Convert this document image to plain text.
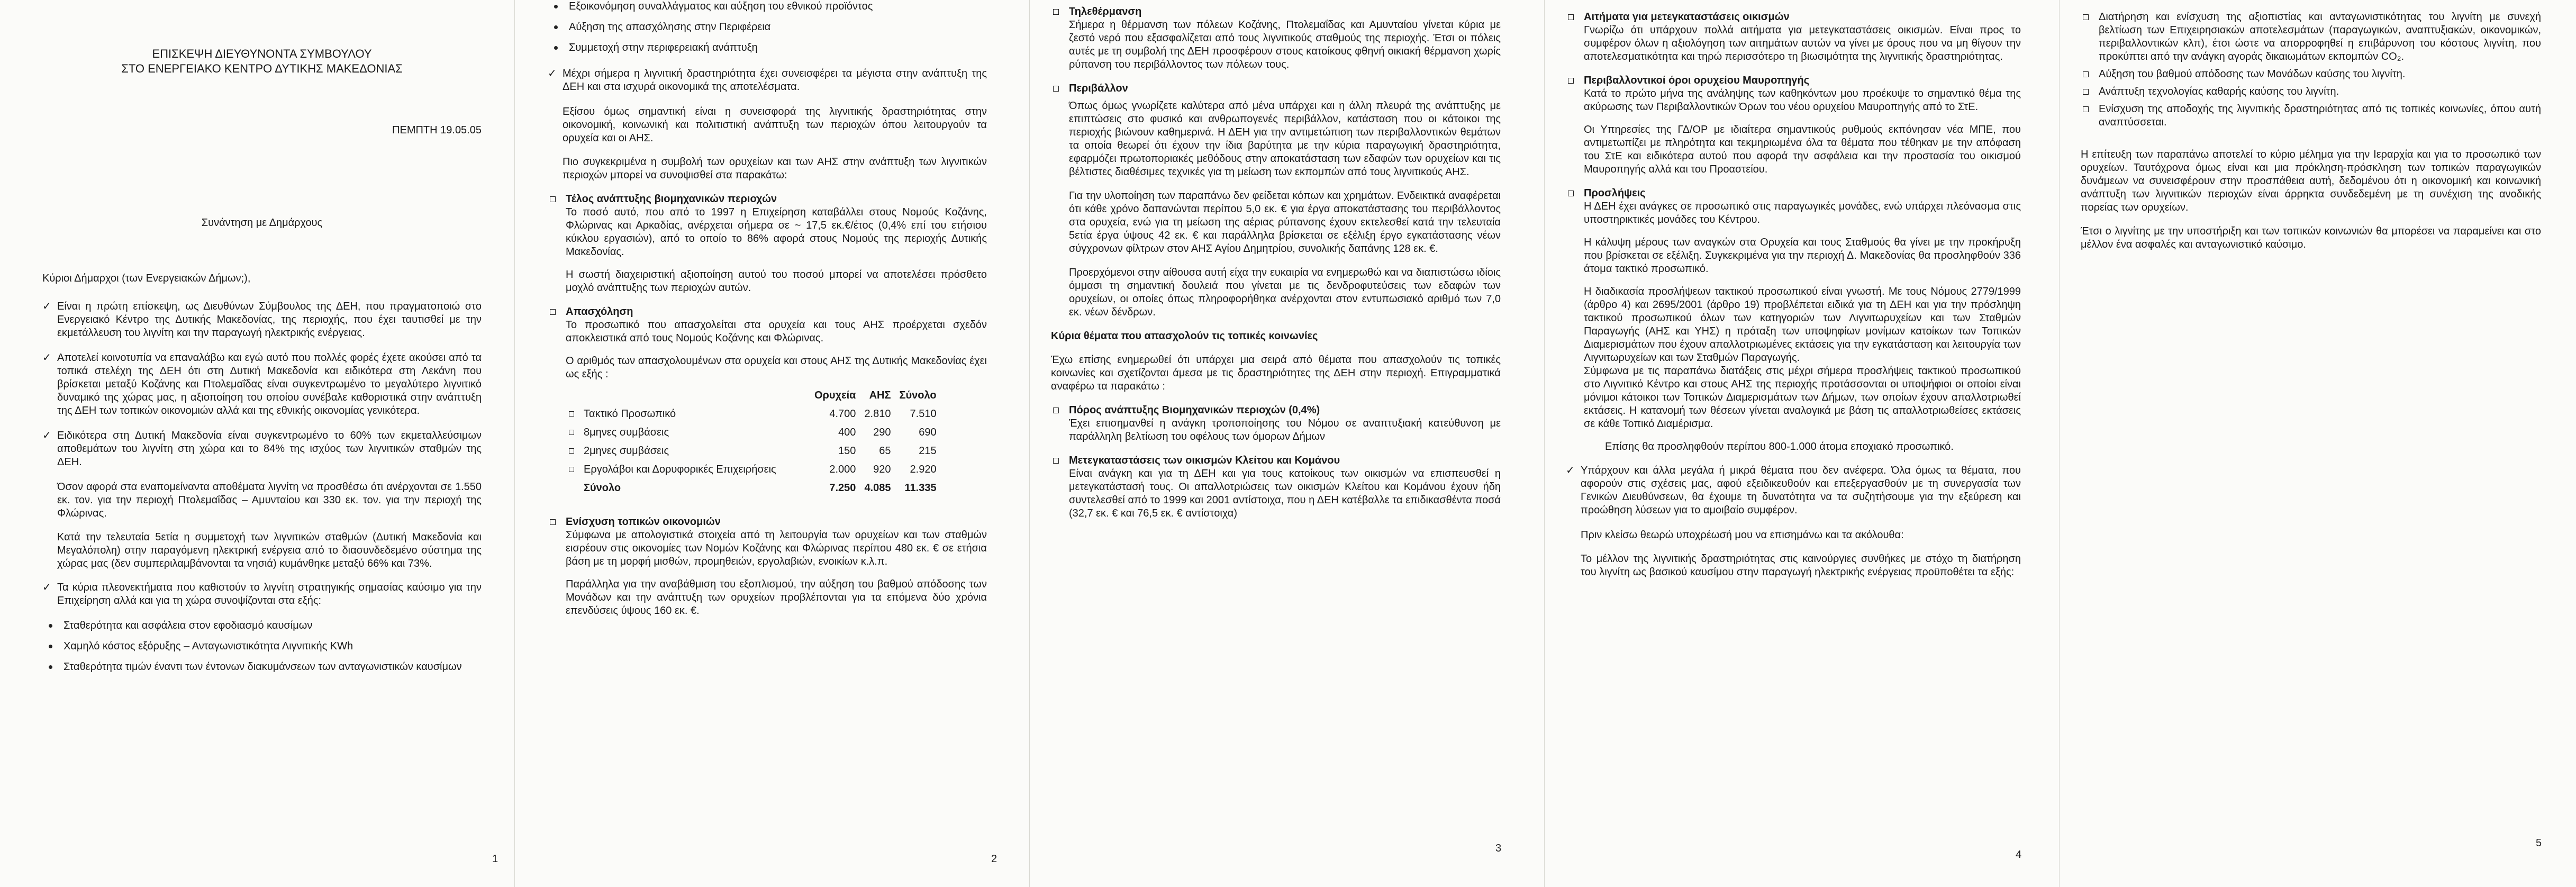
ΕΠΙΣΚΕΨΗ ΔΙΕΥΘΥΝΟΝΤΑ ΣΥΜΒΟΥΛΟΥ
ΣΤΟ ΕΝΕΡΓΕΙΑΚΟ ΚΕΝΤΡΟ ΔΥΤΙΚΗΣ ΜΑΚΕΔΟΝΙΑΣ
ΠΕΜΠΤΗ 19.05.05
Συνάντηση με Δημάρχους

Κύριοι Δήμαρχοι (των Ενεργειακών Δήμων;),

✓ Είναι η πρώτη επίσκεψη, ως Διευθύνων Σύμβουλος της ΔΕΗ, που πραγματοποιώ στο Ενεργειακό Κέντρο της Δυτικής Μακεδονίας, της περιοχής, που έχει ταυτισθεί με την εκμετάλλευση του λιγνίτη και την παραγωγή ηλεκτρικής ενέργειας.
✓ Αποτελεί κοινοτυπία να επαναλάβω και εγώ αυτό που πολλές φορές έχετε ακούσει από τα τοπικά στελέχη της ΔΕΗ ότι στη Δυτική Μακεδονία και ειδικότερα στη Λεκάνη που βρίσκεται μεταξύ Κοζάνης και Πτολεμαΐδας είναι συγκεντρωμένο το μεγαλύτερο λιγνιτικό δυναμικό της χώρας μας, η αξιοποίηση του οποίου συνέβαλε καθοριστικά στην ανάπτυξη της ΔΕΗ των τοπικών οικονομιών αλλά και της εθνικής οικονομίας γενικότερα.
✓ Ειδικότερα στη Δυτική Μακεδονία είναι συγκεντρωμένο το 60% των εκμεταλλεύσιμων αποθεμάτων του λιγνίτη στη χώρα και το 84% της ισχύος των λιγνιτικών σταθμών της ΔΕΗ.

Όσον αφορά στα εναπομείναντα αποθέματα λιγνίτη να προσθέσω ότι ανέρχονται σε 1.550 εκ. τον. για την περιοχή Πτολεμαΐδας – Αμυνταίου και 330 εκ. τον. για την περιοχή της Φλώρινας.

Κατά την τελευταία 5ετία η συμμετοχή των λιγνιτικών σταθμών (Δυτική Μακεδονία και Μεγαλόπολη) στην παραγόμενη ηλεκτρική ενέργεια από το διασυνδεδεμένο σύστημα της χώρας μας (δεν συμπεριλαμβάνονται τα νησιά) κυμάνθηκε μεταξύ 66% και 73%.

✓ Τα κύρια πλεονεκτήματα που καθιστούν το λιγνίτη στρατηγικής σημασίας καύσιμο για την Επιχείρηση αλλά και για τη χώρα συνοψίζονται στα εξής:
Σταθερότητα και ασφάλεια στον εφοδιασμό καυσίμων
Χαμηλό κόστος εξόρυξης – Ανταγωνιστικότητα Λιγνιτικής KWh
Σταθερότητα τιμών έναντι των έντονων διακυμάνσεων των ανταγωνιστικών καυσίμων
1
Εξοικονόμηση συναλλάγματος και αύξηση του εθνικού προϊόντος
Αύξηση της απασχόλησης στην Περιφέρεια
Συμμετοχή στην περιφερειακή ανάπτυξη
✓ Μέχρι σήμερα η λιγνιτική δραστηριότητα έχει συνεισφέρει τα μέγιστα στην ανάπτυξη της ΔΕΗ και στα ισχυρά οικονομικά της αποτελέσματα.

Εξίσου όμως σημαντική είναι η συνεισφορά της λιγνιτικής δραστηριότητας στην οικονομική, κοινωνική και πολιτιστική ανάπτυξη των περιοχών όπου λειτουργούν τα ορυχεία και οι ΑΗΣ.

Πιο συγκεκριμένα η συμβολή των ορυχείων και των ΑΗΣ στην ανάπτυξη των λιγνιτικών περιοχών μπορεί να συνοψισθεί στα παρακάτω:

Τέλος ανάπτυξης βιομηχανικών περιοχών
Το ποσό αυτό, που από το 1997 η Επιχείρηση καταβάλλει στους Νομούς Κοζάνης, Φλώρινας και Αρκαδίας, ανέρχεται σήμερα σε ~ 17,5 εκ.€/έτος (0,4% επί του ετήσιου κύκλου εργασιών), από το οποίο το 86% αφορά στους Νομούς της περιοχής Δυτικής Μακεδονίας.
Η σωστή διαχειριστική αξιοποίηση αυτού του ποσού μπορεί να αποτελέσει πρόσθετο μοχλό ανάπτυξης των περιοχών αυτών.
Απασχόληση
Το προσωπικό που απασχολείται στα ορυχεία και τους ΑΗΣ προέρχεται σχεδόν αποκλειστικά από τους Νομούς Κοζάνης και Φλώρινας.
Ο αριθμός των απασχολουμένων στα ορυχεία και στους ΑΗΣ της Δυτικής Μακεδονίας έχει ως εξής :
	Ορυχεία	ΑΗΣ	Σύνολο
Τακτικό Προσωπικό	4.700	2.810	7.510
8μηνες συμβάσεις	400	290	690
2μηνες συμβάσεις	150	65	215
Εργολάβοι και Δορυφορικές Επιχειρήσεις	2.000	920	2.920
Σύνολο	7.250	4.085	11.335
Ενίσχυση τοπικών οικονομιών
Σύμφωνα με απολογιστικά στοιχεία από τη λειτουργία των ορυχείων και των σταθμών εισρέουν στις οικονομίες των Νομών Κοζάνης και Φλώρινας περίπου 480 εκ. € σε ετήσια βάση με τη μορφή μισθών, προμηθειών, εργολαβιών, ενοικίων κ.λ.π.
Παράλληλα για την αναβάθμιση του εξοπλισμού, την αύξηση του βαθμού απόδοσης των Μονάδων και την ανάπτυξη των ορυχείων προβλέπονται για τα επόμενα δύο χρόνια επενδύσεις ύψους 160 εκ. €.
2
Τηλεθέρμανση
Σήμερα η θέρμανση των πόλεων Κοζάνης, Πτολεμαΐδας και Αμυνταίου γίνεται κύρια με ζεστό νερό που εξασφαλίζεται από τους λιγνιτικούς σταθμούς της περιοχής. Έτσι οι πόλεις αυτές με τη συμβολή της ΔΕΗ προσφέρουν στους κατοίκους φθηνή οικιακή θέρμανση χωρίς ρύπανση του περιβάλλοντος των πόλεων τους.
Περιβάλλον
Όπως όμως γνωρίζετε καλύτερα από μένα υπάρχει και η άλλη πλευρά της ανάπτυξης με επιπτώσεις στο φυσικό και ανθρωπογενές περιβάλλον, κατάσταση που οι κάτοικοι της περιοχής βιώνουν καθημερινά. Η ΔΕΗ για την αντιμετώπιση των περιβαλλοντικών θεμάτων τα οποία θεωρεί ότι έχουν την ίδια βαρύτητα με την κύρια παραγωγική δραστηριότητα, εφαρμόζει πρωτοποριακές μεθόδους στην αποκατάσταση των εδαφών των ορυχείων και τις βέλτιστες διαθέσιμες τεχνικές για τη μείωση των εκπομπών από τους λιγνιτικούς ΑΗΣ.
Για την υλοποίηση των παραπάνω δεν φείδεται κόπων και χρημάτων. Ενδεικτικά αναφέρεται ότι κάθε χρόνο δαπανώνται περίπου 5,0 εκ. € για έργα αποκατάστασης του περιβάλλοντος στα ορυχεία, ενώ για τη μείωση της αέριας ρύπανσης έχουν εκτελεσθεί κατά την τελευταία 5ετία έργα ύψους 42 εκ. € και παράλληλα βρίσκεται σε εξέλιξη έργο εγκατάστασης νέων σύγχρονων φίλτρων στον ΑΗΣ Αγίου Δημητρίου, συνολικής δαπάνης 128 εκ. €.
Προερχόμενοι στην αίθουσα αυτή είχα την ευκαιρία να ενημερωθώ και να διαπιστώσω ιδίοις όμμασι τη σημαντική δουλειά που γίνεται με τις δενδροφυτεύσεις των εδαφών των ορυχείων, οι οποίες όπως πληροφορήθηκα ανέρχονται στον εντυπωσιακό αριθμό των 7,0 εκ. νέων δένδρων.

Κύρια θέματα που απασχολούν τις τοπικές κοινωνίες

Έχω επίσης ενημερωθεί ότι υπάρχει μια σειρά από θέματα που απασχολούν τις τοπικές κοινωνίες και σχετίζονται άμεσα με τις δραστηριότητες της ΔΕΗ στην περιοχή. Επιγραμματικά αναφέρω τα παρακάτω :

Πόρος ανάπτυξης Βιομηχανικών περιοχών (0,4%)
Έχει επισημανθεί η ανάγκη τροποποίησης του Νόμου σε αναπτυξιακή κατεύθυνση με παράλληλη βελτίωση του οφέλους των όμορων Δήμων
Μετεγκαταστάσεις των οικισμών Κλείτου και Κομάνου
Είναι ανάγκη και για τη ΔΕΗ και για τους κατοίκους των οικισμών να επισπευσθεί η μετεγκατάστασή τους. Οι απαλλοτριώσεις των οικισμών Κλείτου και Κομάνου έχουν ήδη συντελεσθεί από το 1999 και 2001 αντίστοιχα, που η ΔΕΗ κατέβαλλε τα επιδικασθέντα ποσά (32,7 εκ. € και 76,5 εκ. € αντίστοιχα)
3
Αιτήματα για μετεγκαταστάσεις οικισμών
Γνωρίζω ότι υπάρχουν πολλά αιτήματα για μετεγκαταστάσεις οικισμών. Είναι προς το συμφέρον όλων η αξιολόγηση των αιτημάτων αυτών να γίνει με όρους που να μη θίγουν την αποτελεσματικότητα και τηρώ περισσότερο τη βιωσιμότητα της λιγνιτικής δραστηριότητας.
Περιβαλλοντικοί όροι ορυχείου Μαυροπηγής
Κατά το πρώτο μήνα της ανάληψης των καθηκόντων μου προέκυψε το σημαντικό θέμα της ακύρωσης των Περιβαλλοντικών Όρων του νέου ορυχείου Μαυροπηγής από το ΣτΕ.
Οι Υπηρεσίες της ΓΔ/ΟΡ με ιδιαίτερα σημαντικούς ρυθμούς εκπόνησαν νέα ΜΠΕ, που αντιμετωπίζει με πληρότητα και τεκμηριωμένα όλα τα θέματα που τέθηκαν με την απόφαση του ΣτΕ και ειδικότερα αυτού που αφορά την ασφάλεια και την προστασία του οικισμού Μαυροπηγής αλλά και του Προαστείου.
Προσλήψεις
Η ΔΕΗ έχει ανάγκες σε προσωπικό στις παραγωγικές μονάδες, ενώ υπάρχει πλεόνασμα στις υποστηρικτικές μονάδες του Κέντρου.
Η κάλυψη μέρους των αναγκών στα Ορυχεία και τους Σταθμούς θα γίνει με την προκήρυξη που βρίσκεται σε εξέλιξη. Συγκεκριμένα για την περιοχή Δ. Μακεδονίας θα προσληφθούν 336 άτομα τακτικό προσωπικό.
Η διαδικασία προσλήψεων τακτικού προσωπικού είναι γνωστή. Με τους Νόμους 2779/1999 (άρθρο 4) και 2695/2001 (άρθρο 19) προβλέπεται ειδικά για τη ΔΕΗ και για την πρόσληψη τακτικού προσωπικού όλων των κατηγοριών των Λιγνιτωρυχείων και των Σταθμών Παραγωγής (ΑΗΣ και ΥΗΣ) η πρόταξη των υποψηφίων μονίμων κατοίκων των Τοπικών Διαμερισμάτων που έχουν απαλλοτριωμένες εκτάσεις για την εγκατάσταση και λειτουργία των Λιγνιτωρυχείων και των Σταθμών Παραγωγής.
Σύμφωνα με τις παραπάνω διατάξεις στις μέχρι σήμερα προσλήψεις τακτικού προσωπικού στο Λιγνιτικό Κέντρο και στους ΑΗΣ της περιοχής προτάσσονται οι υποψήφιοι οι οποίοι είναι μόνιμοι κάτοικοι των Τοπικών Διαμερισμάτων των Δήμων, των οποίων έχουν απαλλοτριωθεί εκτάσεις. Η κατανομή των θέσεων γίνεται αναλογικά με βάση τις απαλλοτριωθείσες εκτάσεις σε κάθε Τοπικό Διαμέρισμα.
Επίσης θα προσληφθούν περίπου 800-1.000 άτομα εποχιακό προσωπικό.
✓ Υπάρχουν και άλλα μεγάλα ή μικρά θέματα που δεν ανέφερα. Όλα όμως τα θέματα, που αφορούν στις σχέσεις μας, αφού εξειδικευθούν και επεξεργασθούν με τη συνεργασία των Γενικών Διευθύνσεων, θα έχουμε τη δυνατότητα να τα συζητήσουμε για την εξεύρεση και προώθηση λύσεων για το αμοιβαίο συμφέρον.

Πριν κλείσω θεωρώ υποχρέωσή μου να επισημάνω και τα ακόλουθα:

Το μέλλον της λιγνιτικής δραστηριότητας στις καινούργιες συνθήκες με στόχο τη διατήρηση του λιγνίτη ως βασικού καυσίμου στην παραγωγή ηλεκτρικής ενέργειας προϋποθέτει τα εξής:

4
Διατήρηση και ενίσχυση της αξιοπιστίας και ανταγωνιστικότητας του λιγνίτη με συνεχή βελτίωση των Επιχειρησιακών αποτελεσμάτων (παραγωγικών, αναπτυξιακών, οικονομικών, περιβαλλοντικών κλπ), έτσι ώστε να απορροφηθεί η επιβάρυνση του κόστους λιγνίτη, που προκύπτει από την ανάγκη αγοράς δικαιωμάτων εκπομπών CO₂.
Αύξηση του βαθμού απόδοσης των Μονάδων καύσης του λιγνίτη.
Ανάπτυξη τεχνολογίας καθαρής καύσης του λιγνίτη.
Ενίσχυση της αποδοχής της λιγνιτικής δραστηριότητας από τις τοπικές κοινωνίες, όπου αυτή αναπτύσσεται.

Η επίτευξη των παραπάνω αποτελεί το κύριο μέλημα για την Ιεραρχία και για το προσωπικό των ορυχείων. Ταυτόχρονα όμως είναι και μια πρόκληση-πρόσκληση των τοπικών παραγωγικών δυνάμεων να συνεισφέρουν στην προσπάθεια αυτή, δεδομένου ότι η οικονομική και κοινωνική ανάπτυξη των λιγνιτικών περιοχών είναι άρρηκτα συνδεδεμένη με τη συνέχιση της ανοδικής πορείας των ορυχείων.

Έτσι ο λιγνίτης με την υποστήριξη και των τοπικών κοινωνιών θα μπορέσει να παραμείνει και στο μέλλον ένα ασφαλές και ανταγωνιστικό καύσιμο.

5
